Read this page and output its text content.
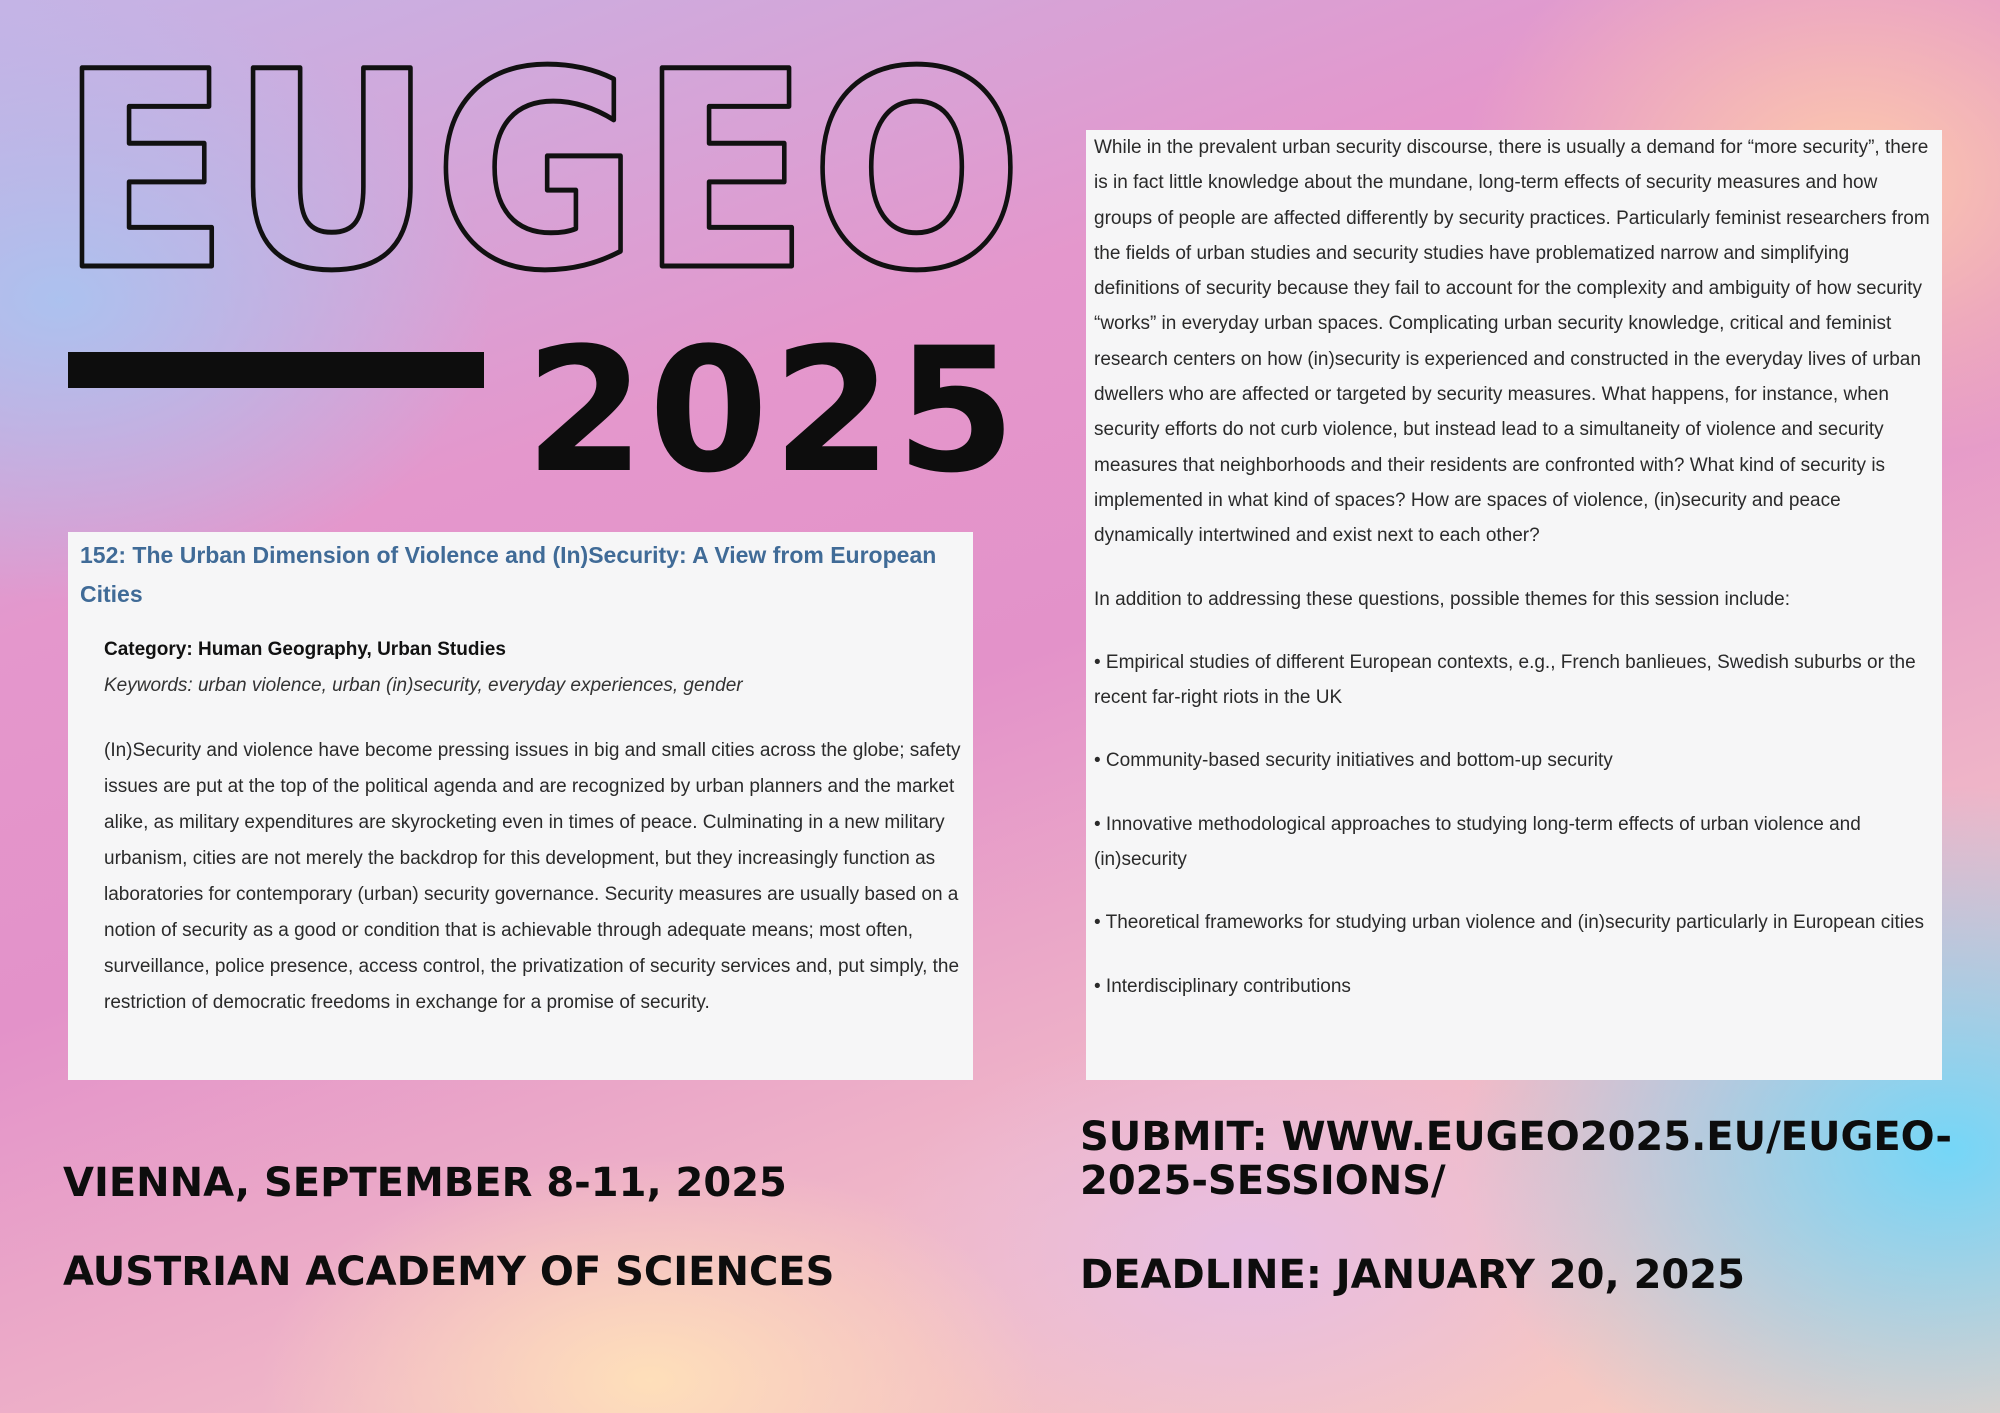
EUGEO
2025
152: The Urban Dimension of Violence and (In)Security: A View from European Cities
Category: Human Geography, Urban Studies
Keywords: urban violence, urban (in)security, everyday experiences, gender

(In)Security and violence have become pressing issues in big and small cities across the globe; safety issues are put at the top of the political agenda and are recognized by urban planners and the market alike, as military expenditures are skyrocketing even in times of peace. Culminating in a new military urbanism, cities are not merely the backdrop for this development, but they increasingly function as laboratories for contemporary (urban) security governance. Security measures are usually based on a notion of security as a good or condition that is achievable through adequate means; most often, surveillance, police presence, access control, the privatization of security services and, put simply, the restriction of democratic freedoms in exchange for a promise of security.

While in the prevalent urban security discourse, there is usually a demand for “more security”, there is in fact little knowledge about the mundane, long-term effects of security measures and how groups of people are affected differently by security practices. Particularly feminist researchers from the fields of urban studies and security studies have problematized narrow and simplifying definitions of security because they fail to account for the complexity and ambiguity of how security “works” in everyday urban spaces. Complicating urban security knowledge, critical and feminist research centers on how (in)security is experienced and constructed in the everyday lives of urban dwellers who are affected or targeted by security measures. What happens, for instance, when security efforts do not curb violence, but instead lead to a simultaneity of violence and security measures that neighborhoods and their residents are confronted with? What kind of security is implemented in what kind of spaces? How are spaces of violence, (in)security and peace dynamically intertwined and exist next to each other?

In addition to addressing these questions, possible themes for this session include:

• Empirical studies of different European contexts, e.g., French banlieues, Swedish suburbs or the recent far-right riots in the UK

• Community-based security initiatives and bottom-up security

• Innovative methodological approaches to studying long-term effects of urban violence and (in)security

• Theoretical frameworks for studying urban violence and (in)security particularly in European cities

• Interdisciplinary contributions

VIENNA, SEPTEMBER 8-11, 2025

AUSTRIAN ACADEMY OF SCIENCES

SUBMIT: WWW.EUGEO2025.EU/EUGEO-2025-SESSIONS/

DEADLINE: JANUARY 20, 2025
